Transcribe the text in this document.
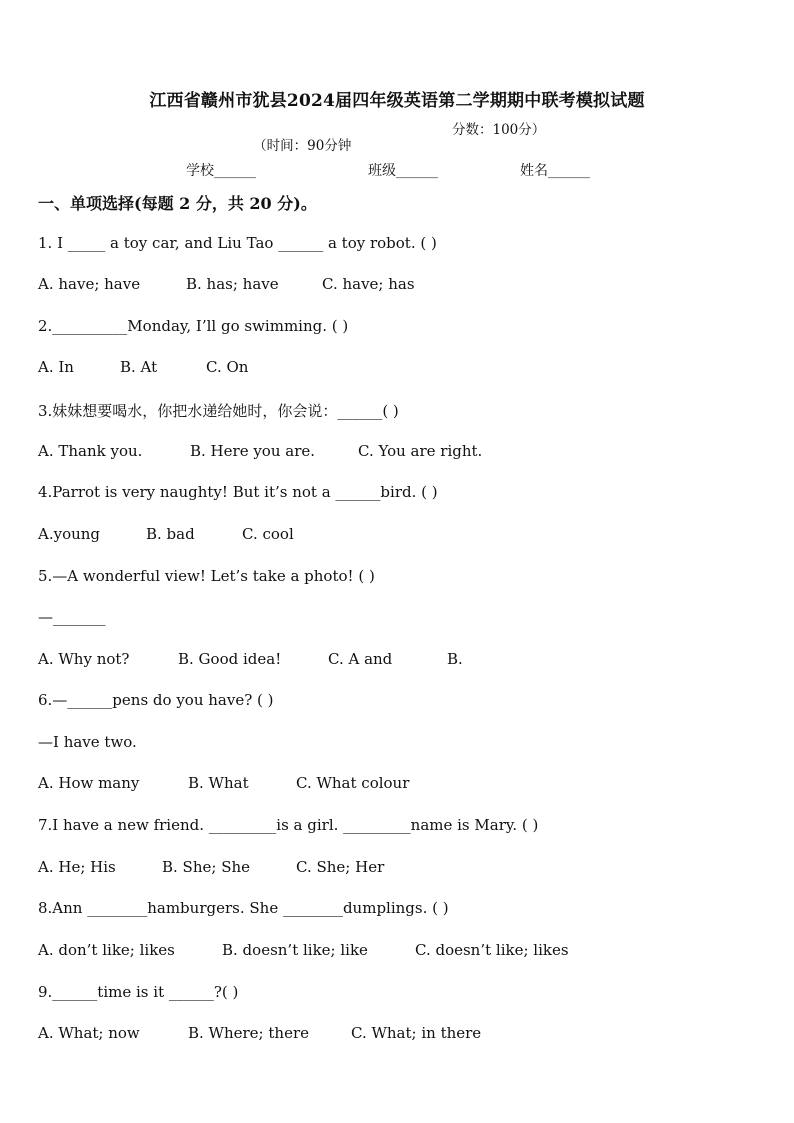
江西省赣州市犹县2024届四年级英语第二学期期中联考模拟试题

（时间：90分钟

分数：100分）

学校______	班级______	姓名______
一、单项选择(每题 2 分，共 20 分)。
1. I _____ a toy car, and Liu Tao ______ a toy robot. ( )
A. have; have	B. has; have	C. have; has
2.__________Monday, I’ll go swimming. ( )
A. In	B. At	C. On
3.妹妹想要喝水，你把水递给她时，你会说：______( )
A. Thank you.	B. Here you are.	C. You are right.
4.Parrot is very naughty! But it’s not a ______bird. ( )
A.young	B. bad	C. cool
5.—A wonderful view! Let’s take a photo! ( )
—_______
A. Why not?	B. Good idea!	C. A and	B.
6.—______pens do you have? ( )
—I have two.
A. How many	B. What	C. What colour
7.I have a new friend. _________is a girl. _________name is Mary. ( )
A. He; His	B. She; She	C. She; Her
8.Ann ________hamburgers. She ________dumplings. ( )
A. don’t like; likes	B. doesn’t like; like	C. doesn’t like; likes
9.______time is it ______?( )
A. What; now	B. Where; there	C. What; in there
